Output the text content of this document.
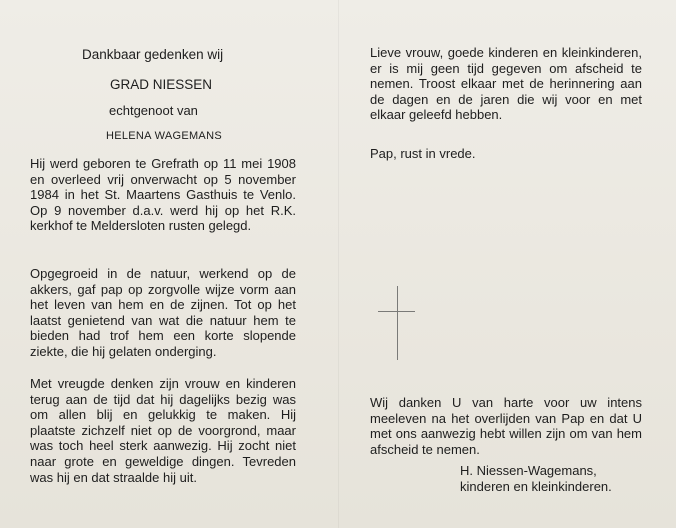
Dankbaar gedenken wij

GRAD NIESSEN

echtgenoot van

HELENA WAGEMANS

Hij werd geboren te Grefrath op 11 mei 1908 en overleed vrij onverwacht op 5 november 1984 in het St. Maartens Gasthuis te Venlo. Op 9 november d.a.v. werd hij op het R.K. kerkhof te Meldersloten rusten gelegd.

Opgegroeid in de natuur, werkend op de akkers, gaf pap op zorgvolle wijze vorm aan het leven van hem en de zijnen. Tot op het laatst genietend van wat die natuur hem te bieden had trof hem een korte slopende ziekte, die hij gelaten onderging.

Met vreugde denken zijn vrouw en kinderen terug aan de tijd dat hij dagelijks bezig was om allen blij en gelukkig te maken. Hij plaatste zichzelf niet op de voorgrond, maar was toch heel sterk aanwezig. Hij zocht niet naar grote en geweldige dingen. Tevreden was hij en dat straalde hij uit.

Lieve vrouw, goede kinderen en kleinkinderen, er is mij geen tijd gegeven om afscheid te nemen. Troost elkaar met de herinnering aan de dagen en de jaren die wij voor en met elkaar geleefd hebben.

Pap, rust in vrede.

Wij danken U van harte voor uw intens meeleven na het overlijden van Pap en dat U met ons aanwezig hebt willen zijn om van hem afscheid te nemen.

H. Niessen-Wagemans,

kinderen en kleinkinderen.
